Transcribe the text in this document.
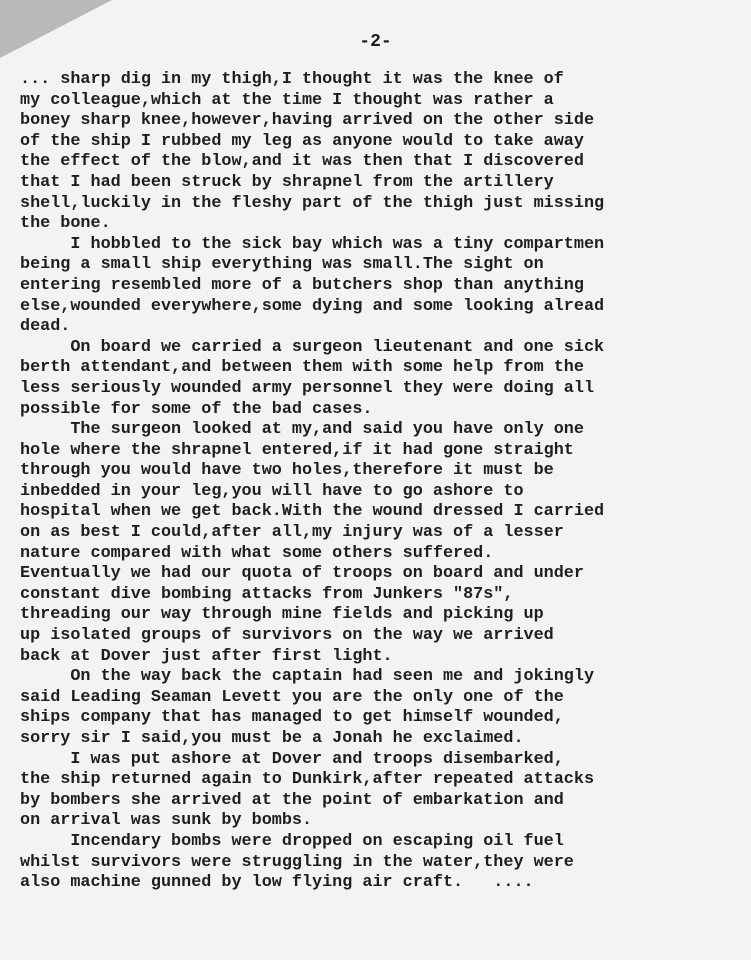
-2-

... sharp dig in my thigh,I thought it was the knee of
my colleague,which at the time I thought was rather a
boney sharp knee,however,having arrived on the other side
of the ship I rubbed my leg as anyone would to take away
the effect of the blow,and it was then that I discovered
that I had been struck by shrapnel from the artillery
shell,luckily in the fleshy part of the thigh just missing
the bone.
I hobbled to the sick bay which was a tiny compartmen
being a small ship everything was small.The sight on
entering resembled more of a butchers shop than anything
else,wounded everywhere,some dying and some looking alread
dead.
On board we carried a surgeon lieutenant and one sick
berth attendant,and between them with some help from the
less seriously wounded army personnel they were doing all
possible for some of the bad cases.
The surgeon looked at my,and said you have only one
hole where the shrapnel entered,if it had gone straight
through you would have two holes,therefore it must be
inbedded in your leg,you will have to go ashore to
hospital when we get back.With the wound dressed I carried
on as best I could,after all,my injury was of a lesser
nature compared with what some others suffered.
Eventually we had our quota of troops on board and under
constant dive bombing attacks from Junkers "87s",
threading our way through mine fields and picking up
up isolated groups of survivors on the way we arrived
back at Dover just after first light.
On the way back the captain had seen me and jokingly
said Leading Seaman Levett you are the only one of the
ships company that has managed to get himself wounded,
sorry sir I said,you must be a Jonah he exclaimed.
I was put ashore at Dover and troops disembarked,
the ship returned again to Dunkirk,after repeated attacks
by bombers she arrived at the point of embarkation and
on arrival was sunk by bombs.
Incendary bombs were dropped on escaping oil fuel
whilst survivors were struggling in the water,they were
also machine gunned by low flying air craft.   ....
